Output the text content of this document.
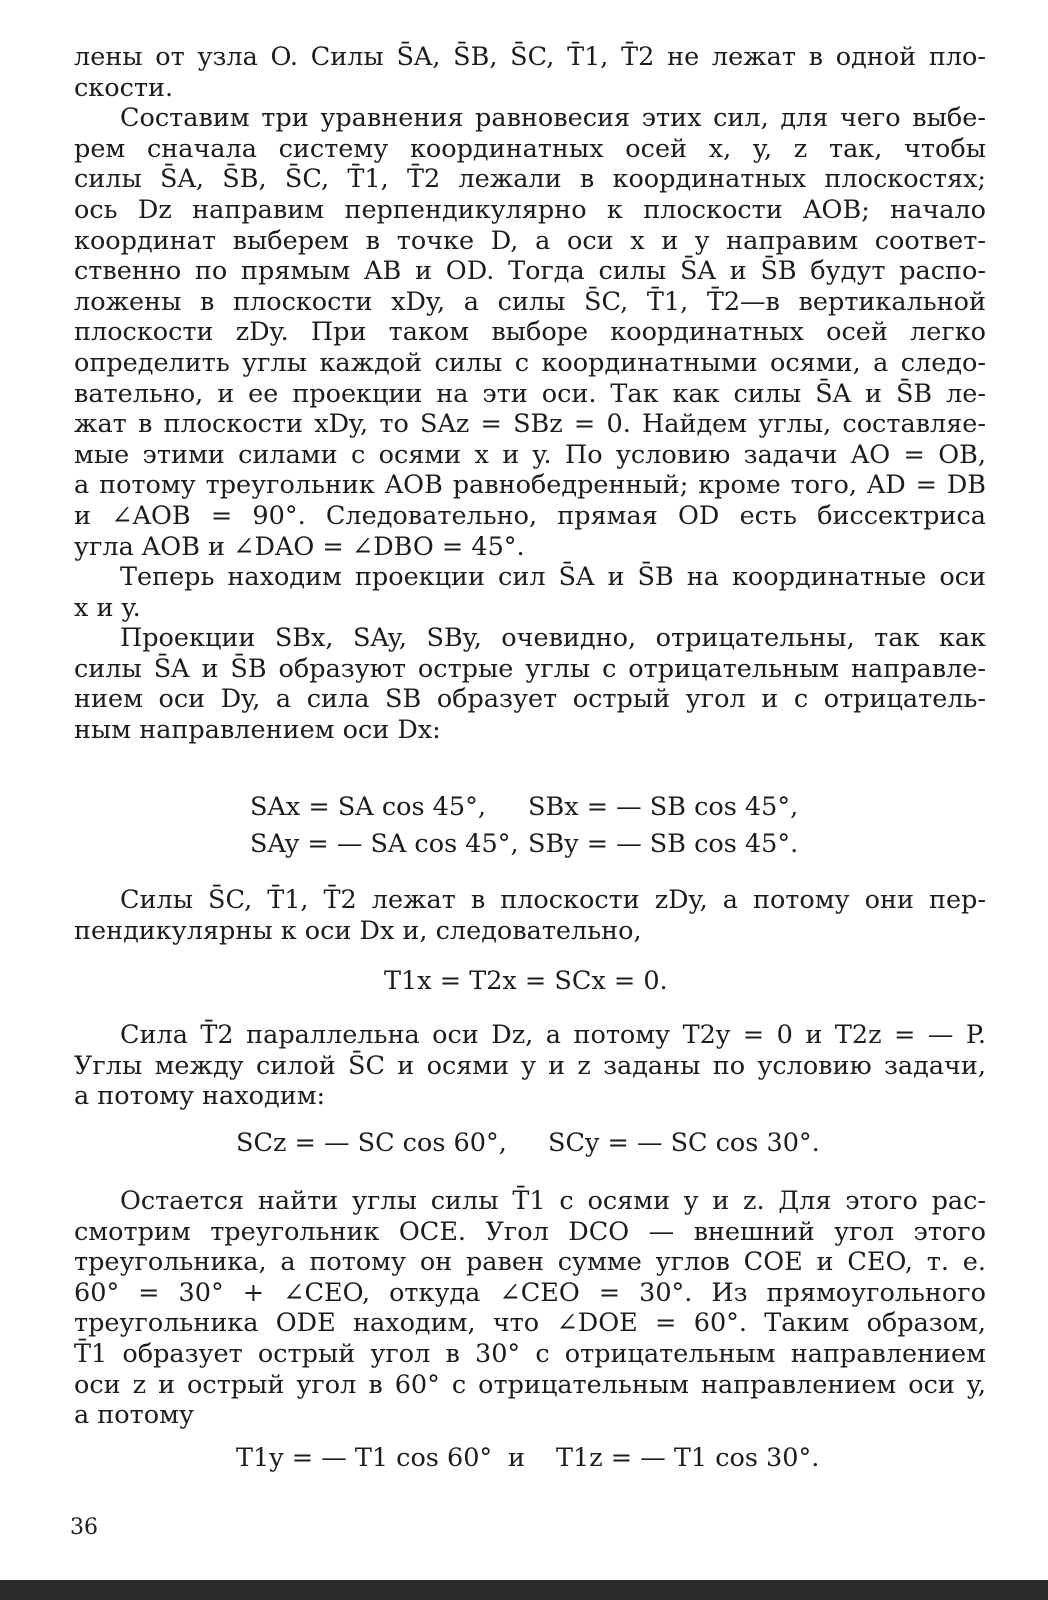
лены от узла O. Силы S̄A, S̄B, S̄C, T̄1, T̄2 не лежат в одной пло-
скости.
Составим три уравнения равновесия этих сил, для чего выбе-
рем сначала систему координатных осей x, y, z так, чтобы
силы S̄A, S̄B, S̄C, T̄1, T̄2 лежали в координатных плоскостях;
ось Dz направим перпендикулярно к плоскости AOB; начало
координат выберем в точке D, а оси x и y направим соответ-
ственно по прямым AB и OD. Тогда силы S̄A и S̄B будут распо-
ложены в плоскости xDy, а силы S̄C, T̄1, T̄2—в вертикальной
плоскости zDy. При таком выборе координатных осей легко
определить углы каждой силы с координатными осями, а следо-
вательно, и ее проекции на эти оси. Так как силы S̄A и S̄B ле-
жат в плоскости xDy, то SAz = SBz = 0. Найдем углы, составляе-
мые этими силами с осями x и y. По условию задачи AO = OB,
а потому треугольник AOB равнобедренный; кроме того, AD = DB
и ∠AOB = 90°. Следовательно, прямая OD есть биссектриса
угла AOB и ∠DAO = ∠DBO = 45°.
Теперь находим проекции сил S̄A и S̄B на координатные оси
x и y.
Проекции SBx, SAy, SBy, очевидно, отрицательны, так как
силы S̄A и S̄B образуют острые углы с отрицательным направле-
нием оси Dy, а сила SB образует острый угол и с отрицатель-
ным направлением оси Dx:
SAx = SA cos 45°, SBx = — SB cos 45°,
SAy = — SA cos 45°, SBy = — SB cos 45°.
Силы S̄C, T̄1, T̄2 лежат в плоскости zDy, а потому они пер-
пендикулярны к оси Dx и, следовательно,
T1x = T2x = SCx = 0.
Сила T̄2 параллельна оси Dz, а потому T2y = 0 и T2z = — P.
Углы между силой S̄C и осями y и z заданы по условию задачи,
а потому находим:
SCz = — SC cos 60°, SCy = — SC cos 30°.
Остается найти углы силы T̄1 с осями y и z. Для этого рас-
смотрим треугольник OCE. Угол DCO — внешний угол этого
треугольника, а потому он равен сумме углов COE и CEO, т. е.
60° = 30° + ∠CEO, откуда ∠CEO = 30°. Из прямоугольного
треугольника ODE находим, что ∠DOE = 60°. Таким образом,
T̄1 образует острый угол в 30° с отрицательным направлением
оси z и острый угол в 60° с отрицательным направлением оси y,
а потому
T1y = — T1 cos 60° и T1z = — T1 cos 30°.
36
